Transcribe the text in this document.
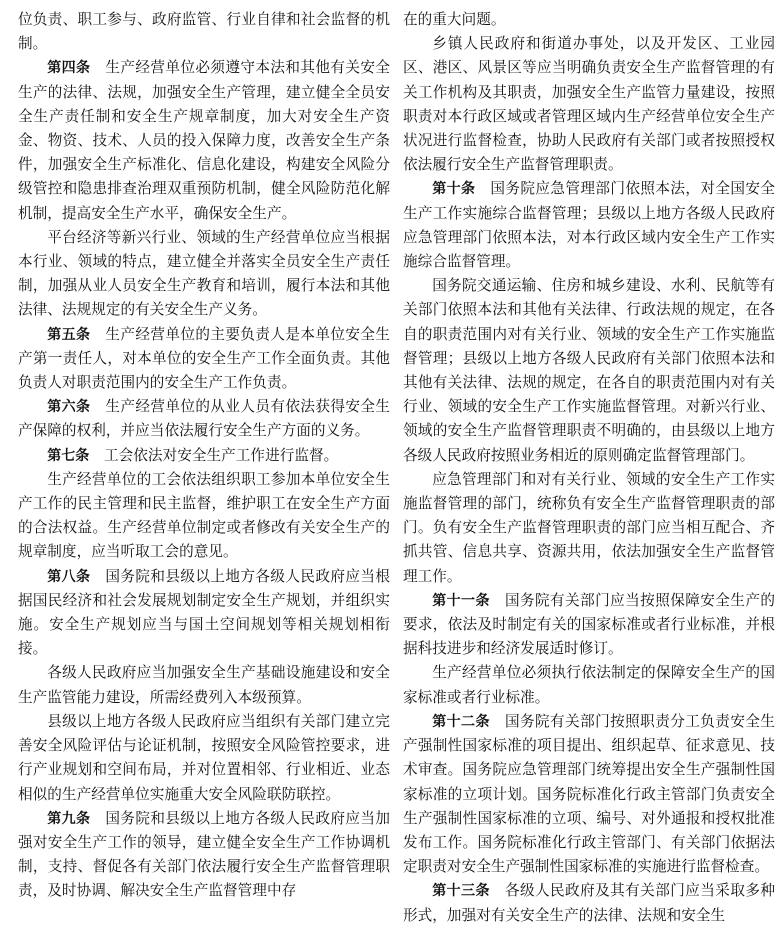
位负责、职工参与、政府监管、行业自律和社会监督的机制。

第四条　生产经营单位必须遵守本法和其他有关安全生产的法律、法规，加强安全生产管理，建立健全全员安全生产责任制和安全生产规章制度，加大对安全生产资金、物资、技术、人员的投入保障力度，改善安全生产条件，加强安全生产标准化、信息化建设，构建安全风险分级管控和隐患排查治理双重预防机制，健全风险防范化解机制，提高安全生产水平，确保安全生产。

平台经济等新兴行业、领域的生产经营单位应当根据本行业、领域的特点，建立健全并落实全员安全生产责任制，加强从业人员安全生产教育和培训，履行本法和其他法律、法规规定的有关安全生产义务。

第五条　生产经营单位的主要负责人是本单位安全生产第一责任人，对本单位的安全生产工作全面负责。其他负责人对职责范围内的安全生产工作负责。

第六条　生产经营单位的从业人员有依法获得安全生产保障的权利，并应当依法履行安全生产方面的义务。

第七条　工会依法对安全生产工作进行监督。

生产经营单位的工会依法组织职工参加本单位安全生产工作的民主管理和民主监督，维护职工在安全生产方面的合法权益。生产经营单位制定或者修改有关安全生产的规章制度，应当听取工会的意见。

第八条　国务院和县级以上地方各级人民政府应当根据国民经济和社会发展规划制定安全生产规划，并组织实施。安全生产规划应当与国土空间规划等相关规划相衔接。

各级人民政府应当加强安全生产基础设施建设和安全生产监管能力建设，所需经费列入本级预算。

县级以上地方各级人民政府应当组织有关部门建立完善安全风险评估与论证机制，按照安全风险管控要求，进行产业规划和空间布局，并对位置相邻、行业相近、业态相似的生产经营单位实施重大安全风险联防联控。

第九条　国务院和县级以上地方各级人民政府应当加强对安全生产工作的领导，建立健全安全生产工作协调机制，支持、督促各有关部门依法履行安全生产监督管理职责，及时协调、解决安全生产监督管理中存

在的重大问题。

乡镇人民政府和街道办事处，以及开发区、工业园区、港区、风景区等应当明确负责安全生产监督管理的有关工作机构及其职责，加强安全生产监管力量建设，按照职责对本行政区域或者管理区域内生产经营单位安全生产状况进行监督检查，协助人民政府有关部门或者按照授权依法履行安全生产监督管理职责。

第十条　国务院应急管理部门依照本法，对全国安全生产工作实施综合监督管理；县级以上地方各级人民政府应急管理部门依照本法，对本行政区域内安全生产工作实施综合监督管理。

国务院交通运输、住房和城乡建设、水利、民航等有关部门依照本法和其他有关法律、行政法规的规定，在各自的职责范围内对有关行业、领域的安全生产工作实施监督管理；县级以上地方各级人民政府有关部门依照本法和其他有关法律、法规的规定，在各自的职责范围内对有关行业、领域的安全生产工作实施监督管理。对新兴行业、领域的安全生产监督管理职责不明确的，由县级以上地方各级人民政府按照业务相近的原则确定监督管理部门。

应急管理部门和对有关行业、领域的安全生产工作实施监督管理的部门，统称负有安全生产监督管理职责的部门。负有安全生产监督管理职责的部门应当相互配合、齐抓共管、信息共享、资源共用，依法加强安全生产监督管理工作。

第十一条　国务院有关部门应当按照保障安全生产的要求，依法及时制定有关的国家标准或者行业标准，并根据科技进步和经济发展适时修订。

生产经营单位必须执行依法制定的保障安全生产的国家标准或者行业标准。

第十二条　国务院有关部门按照职责分工负责安全生产强制性国家标准的项目提出、组织起草、征求意见、技术审查。国务院应急管理部门统筹提出安全生产强制性国家标准的立项计划。国务院标准化行政主管部门负责安全生产强制性国家标准的立项、编号、对外通报和授权批准发布工作。国务院标准化行政主管部门、有关部门依据法定职责对安全生产强制性国家标准的实施进行监督检查。

第十三条　各级人民政府及其有关部门应当采取多种形式，加强对有关安全生产的法律、法规和安全生
